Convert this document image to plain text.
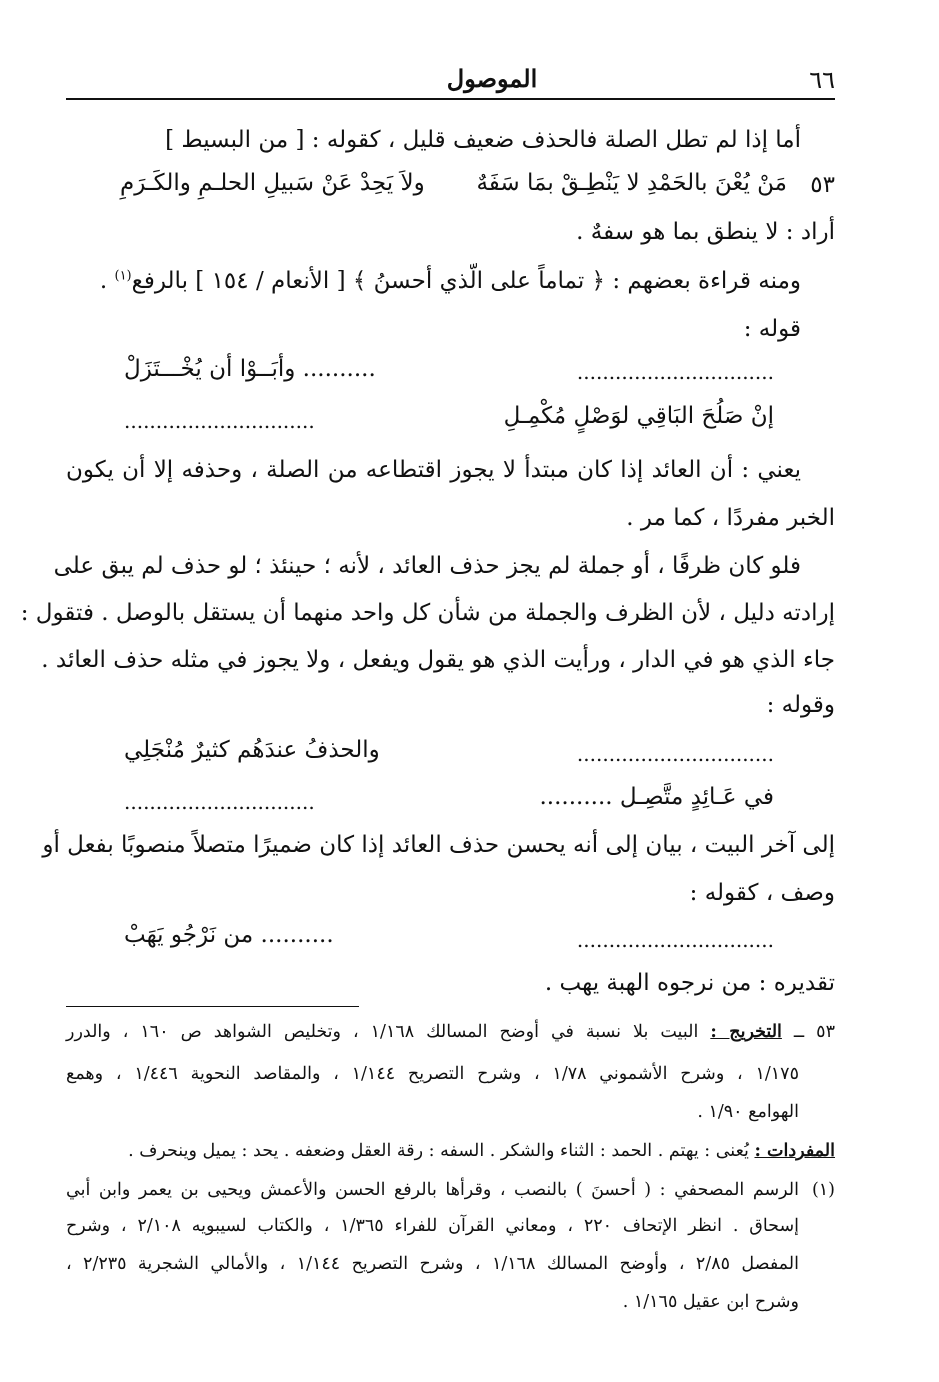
٦٦
الموصول
أما إذا لم تطل الصلة فالحذف ضعيف قليل ، كقوله : [ من البسيط ]
٥٣
مَنْ يُعْنَ بالحَمْدِ لا يَنْطِـقْ بمَا سَفَهٌ
ولاَ يَحِدْ عَنْ سَبيلِ الحلـمِ والكَـرَمِ
أراد : لا ينطق بما هو سفهٌ .
ومنه قراءة بعضهم : ﴿ تماماً على الّذي أحسنُ ﴾ [ الأنعام / ١٥٤ ] بالرفع$^{(١)}$ .
قوله :
...............................
.......... وأبَــوْا أن يُخْـــتَزَلْ
إنْ صَلُحَ البَاقِي لوَصْلٍ مُكْمِـلِ
..............................
يعني : أن العائد إذا كان مبتدأ لا يجوز اقتطاعه من الصلة ، وحذفه إلا أن يكون
الخبر مفردًا ، كما مر .
فلو كان ظرفًا ، أو جملة لم يجز حذف العائد ، لأنه ؛ حينئذ ؛ لو حذف لم يبق على
إرادته دليل ، لأن الظرف والجملة من شأن كل واحد منهما أن يستقل بالوصل . فتقول :
جاء الذي هو في الدار ، ورأيت الذي هو يقول ويفعل ، ولا يجوز في مثله حذف العائد .
وقوله :
...............................
والحذفُ عندَهُم كثيرٌ مُنْجَلِي
في عَـائِدٍ متَّصِـل ..........
..............................
إلى آخر البيت ، بيان إلى أنه يحسن حذف العائد إذا كان ضميرًا متصلاً منصوبًا بفعل أو
وصف ، كقوله :
...............................
.......... من نَرْجُو يَهَبْ
تقديره : من نرجوه الهبة يهب .
٥٣ ــ التخريج : البيت بلا نسبة في أوضح المسالك ١/١٦٨ ، وتخليص الشواهد ص ١٦٠ ، والدرر
١/١٧٥ ، وشرح الأشموني ١/٧٨ ، وشرح التصريح ١/١٤٤ ، والمقاصد النحوية ١/٤٤٦ ، وهمع
الهوامع ١/٩٠ .
المفردات : يُعنى : يهتم . الحمد : الثناء والشكر . السفه : رقة العقل وضعفه . يحد : يميل وينحرف .
(١)
الرسم المصحفي : ( أحسنَ ) بالنصب ، وقرأها بالرفع الحسن والأعمش ويحيى بن يعمر وابن أبي
إسحاق . انظر الإتحاف ٢٢٠ ، ومعاني القرآن للفراء ١/٣٦٥ ، والكتاب لسيبويه ٢/١٠٨ ، وشرح
المفصل ٢/٨٥ ، وأوضح المسالك ١/١٦٨ ، وشرح التصريح ١/١٤٤ ، والأمالي الشجرية ٢/٢٣٥ ،
وشرح ابن عقيل ١/١٦٥ .
